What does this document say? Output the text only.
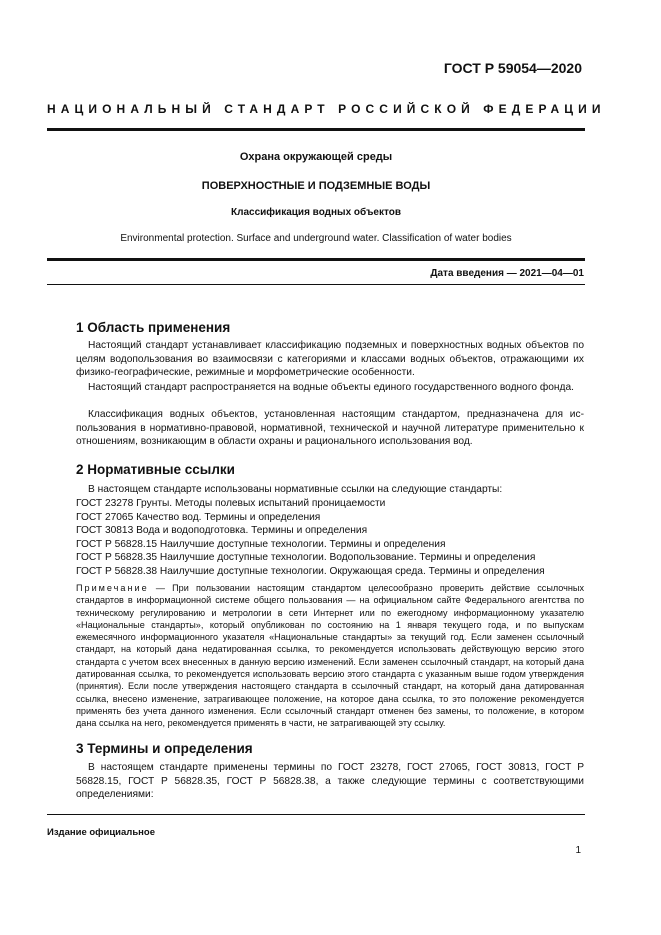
ГОСТ Р 59054—2020
НАЦИОНАЛЬНЫЙ СТАНДАРТ РОССИЙСКОЙ ФЕДЕРАЦИИ
Охрана окружающей среды
ПОВЕРХНОСТНЫЕ И ПОДЗЕМНЫЕ ВОДЫ
Классификация водных объектов
Environmental protection. Surface and underground water. Classification of water bodies
Дата введения — 2021—04—01
1 Область применения

Настоящий стандарт устанавливает классификацию подземных и поверхностных водных объектов по целям водопользования во взаимосвязи с категориями и классами водных объектов, отражающими их физико-географические, режимные и морфометрические особенности.

Настоящий стандарт распространяется на водные объекты единого государственного водного фонда.

Классификация водных объектов, установленная настоящим стандартом, предназначена для использования в нормативно-правовой, нормативной, технической и научной литературе применительно к отношениям, возникающим в области охраны и рационального использования вод.

2 Нормативные ссылки

В настоящем стандарте использованы нормативные ссылки на следующие стандарты:

ГОСТ 23278 Грунты. Методы полевых испытаний проницаемости
ГОСТ 27065 Качество вод. Термины и определения
ГОСТ 30813 Вода и водоподготовка. Термины и определения
ГОСТ Р 56828.15 Наилучшие доступные технологии. Термины и определения
ГОСТ Р 56828.35 Наилучшие доступные технологии. Водопользование. Термины и определения
ГОСТ Р 56828.38 Наилучшие доступные технологии. Окружающая среда. Термины и определения

Примечание — При пользовании настоящим стандартом целесообразно проверить действие ссылочных стандартов в информационной системе общего пользования — на официальном сайте Федерального агентства по техническому регулированию и метрологии в сети Интернет или по ежегодному информационному указателю «Национальные стандарты», который опубликован по состоянию на 1 января текущего года, и по выпускам ежемесячного информационного указателя «Национальные стандарты» за текущий год. Если заменен ссылочный стандарт, на который дана недатированная ссылка, то рекомендуется использовать действующую версию этого стандарта с учетом всех внесенных в данную версию изменений. Если заменен ссылочный стандарт, на который дана датированная ссылка, то рекомендуется использовать версию этого стандарта с указанным выше годом утверждения (принятия). Если после утверждения настоящего стандарта в ссылочный стандарт, на который дана датированная ссылка, внесено изменение, затрагивающее положение, на которое дана ссылка, то это положение рекомендуется применять без учета данного изменения. Если ссылочный стандарт отменен без замены, то положение, в котором дана ссылка на него, рекомендуется применять в части, не затрагивающей эту ссылку.

3 Термины и определения

В настоящем стандарте применены термины по ГОСТ 23278, ГОСТ 27065, ГОСТ 30813, ГОСТ Р 56828.15, ГОСТ Р 56828.35, ГОСТ Р 56828.38, а также следующие термины с соответствующими определениями:

Издание официальное
1
